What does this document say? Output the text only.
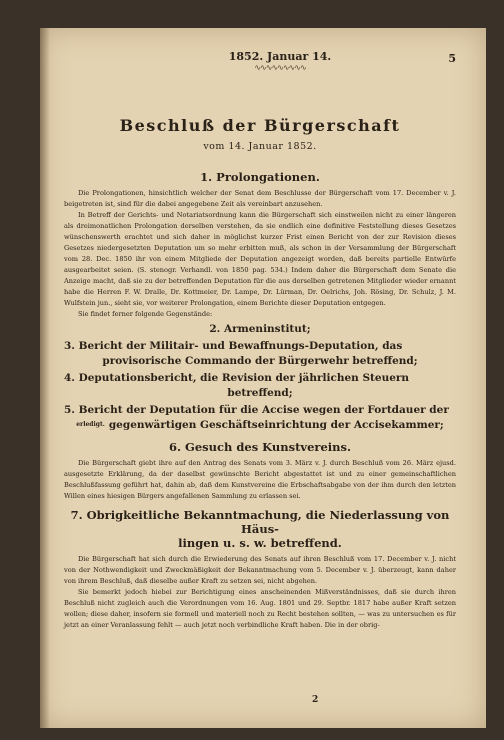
1852. Januar 14.
∿∿∿∿∿∿∿∿∿
5
Beschluß der Bürgerschaft
vom 14. Januar 1852.
1. Prolongationen.

Die Prolongationen, hinsichtlich welcher der Senat dem Beschlusse der Bürgerschaft vom 17. December v. J. beigetreten ist, sind für die dabei angegebene Zeit als vereinbart anzusehen.

In Betreff der Gerichts- und Notariatsordnung kann die Bürgerschaft sich einstweilen nicht zu einer längeren als dreimonatlichen Prolongation derselben verstehen, da sie endlich eine definitive Feststellung dieses Gesetzes wünschenswerth erachtet und sich daher in möglichst kurzer Frist einen Bericht von der zur Revision dieses Gesetzes niedergesetzten Deputation um so mehr erbitten muß, als schon in der Versammlung der Bürgerschaft vom 28. Dec. 1850 ihr von einem Mitgliede der Deputation angezeigt worden, daß bereits partielle Entwürfe ausgearbeitet seien. (S. stenogr. Verhandl. von 1850 pag. 534.) Indem daher die Bürgerschaft dem Senate die Anzeige macht, daß sie zu der betreffenden Deputation für die aus derselben getretenen Mitglieder wieder ernannt habe die Herren F. W. Dralle, Dr. Kottmeier, Dr. Lampe, Dr. Lürman, Dr. Oelrichs, Joh. Rösing, Dr. Schulz, J. M. Wulfstein jun., sieht sie, vor weiterer Prolongation, einem Berichte dieser Deputation entgegen.

Sie findet ferner folgende Gegenstände:

2. Armeninstitut;
3. Bericht der Militair- und Bewaffnungs-Deputation, das
provisorische Commando der Bürgerwehr betreffend;
4. Deputationsbericht, die Revision der jährlichen Steuern
betreffend;
5. Bericht der Deputation für die Accise wegen der Fortdauer der
erledigt. gegenwärtigen Geschäftseinrichtung der Accisekammer;
6. Gesuch des Kunstvereins.

Die Bürgerschaft giebt ihre auf den Antrag des Senats vom 3. März v. J. durch Beschluß vom 26. März ejusd. ausgesetzte Erklärung, da der daselbst gewünschte Bericht abgestattet ist und zu einer gemeinschaftlichen Beschlußfassung geführt hat, dahin ab, daß dem Kunstvereine die Erbschaftsabgabe von der ihm durch den letzten Willen eines hiesigen Bürgers angefallenen Sammlung zu erlassen sei.

7. Obrigkeitliche Bekanntmachung, die Niederlassung von Häus-
lingen u. s. w. betreffend.

Die Bürgerschaft hat sich durch die Erwiederung des Senats auf ihren Beschluß vom 17. December v. J. nicht von der Nothwendigkeit und Zweckmäßigkeit der Bekanntmachung vom 5. December v. J. überzeugt, kann daher von ihrem Beschluß, daß dieselbe außer Kraft zu setzen sei, nicht abgehen.

Sie bemerkt jedoch hiebei zur Berichtigung eines anscheinenden Mißverständnisses, daß sie durch ihren Beschluß nicht zugleich auch die Verordnungen vom 16. Aug. 1801 und 29. Septbr. 1817 habe außer Kraft setzen wollen; diese daher, insofern sie formell und materiell noch zu Recht bestehen sollten, — was zu untersuchen es für jetzt an einer Veranlassung fehlt — auch jetzt noch verbindliche Kraft haben. Die in der obrig-

2
